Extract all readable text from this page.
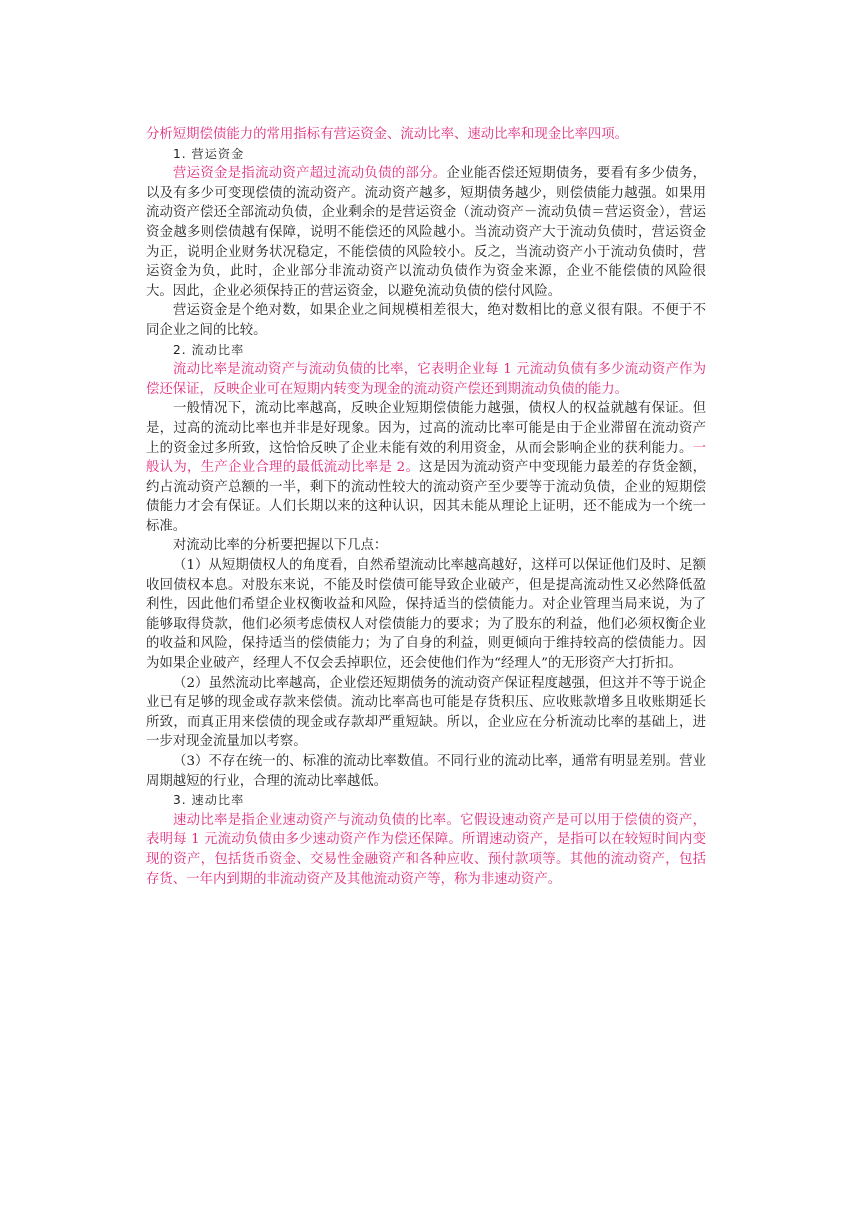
分析短期偿债能力的常用指标有营运资金、流动比率、速动比率和现金比率四项。

1. 营运资金

营运资金是指流动资产超过流动负债的部分。企业能否偿还短期债务，要看有多少债务，以及有多少可变现偿债的流动资产。流动资产越多，短期债务越少，则偿债能力越强。如果用流动资产偿还全部流动负债，企业剩余的是营运资金（流动资产－流动负债＝营运资金），营运资金越多则偿债越有保障，说明不能偿还的风险越小。当流动资产大于流动负债时，营运资金为正，说明企业财务状况稳定，不能偿债的风险较小。反之，当流动资产小于流动负债时，营运资金为负，此时，企业部分非流动资产以流动负债作为资金来源，企业不能偿债的风险很大。因此，企业必须保持正的营运资金，以避免流动负债的偿付风险。

营运资金是个绝对数，如果企业之间规模相差很大，绝对数相比的意义很有限。不便于不同企业之间的比较。

2. 流动比率

流动比率是流动资产与流动负债的比率，它表明企业每 1 元流动负债有多少流动资产作为偿还保证，反映企业可在短期内转变为现金的流动资产偿还到期流动负债的能力。

一般情况下，流动比率越高，反映企业短期偿债能力越强，债权人的权益就越有保证。但是，过高的流动比率也并非是好现象。因为，过高的流动比率可能是由于企业滞留在流动资产上的资金过多所致，这恰恰反映了企业未能有效的利用资金，从而会影响企业的获利能力。一般认为，生产企业合理的最低流动比率是 2。这是因为流动资产中变现能力最差的存货金额，约占流动资产总额的一半，剩下的流动性较大的流动资产至少要等于流动负债，企业的短期偿债能力才会有保证。人们长期以来的这种认识，因其未能从理论上证明，还不能成为一个统一标准。

对流动比率的分析要把握以下几点：

（1）从短期债权人的角度看，自然希望流动比率越高越好，这样可以保证他们及时、足额收回债权本息。对股东来说，不能及时偿债可能导致企业破产，但是提高流动性又必然降低盈利性，因此他们希望企业权衡收益和风险，保持适当的偿债能力。对企业管理当局来说，为了能够取得贷款，他们必须考虑债权人对偿债能力的要求；为了股东的利益，他们必须权衡企业的收益和风险，保持适当的偿债能力；为了自身的利益，则更倾向于维持较高的偿债能力。因为如果企业破产，经理人不仅会丢掉职位，还会使他们作为“经理人”的无形资产大打折扣。

（2）虽然流动比率越高，企业偿还短期债务的流动资产保证程度越强，但这并不等于说企业已有足够的现金或存款来偿债。流动比率高也可能是存货积压、应收账款增多且收账期延长所致，而真正用来偿债的现金或存款却严重短缺。所以，企业应在分析流动比率的基础上，进一步对现金流量加以考察。

（3）不存在统一的、标准的流动比率数值。不同行业的流动比率，通常有明显差别。营业周期越短的行业，合理的流动比率越低。

3. 速动比率

速动比率是指企业速动资产与流动负债的比率。它假设速动资产是可以用于偿债的资产，表明每 1 元流动负债由多少速动资产作为偿还保障。所谓速动资产，是指可以在较短时间内变现的资产，包括货币资金、交易性金融资产和各种应收、预付款项等。其他的流动资产，包括存货、一年内到期的非流动资产及其他流动资产等，称为非速动资产。
